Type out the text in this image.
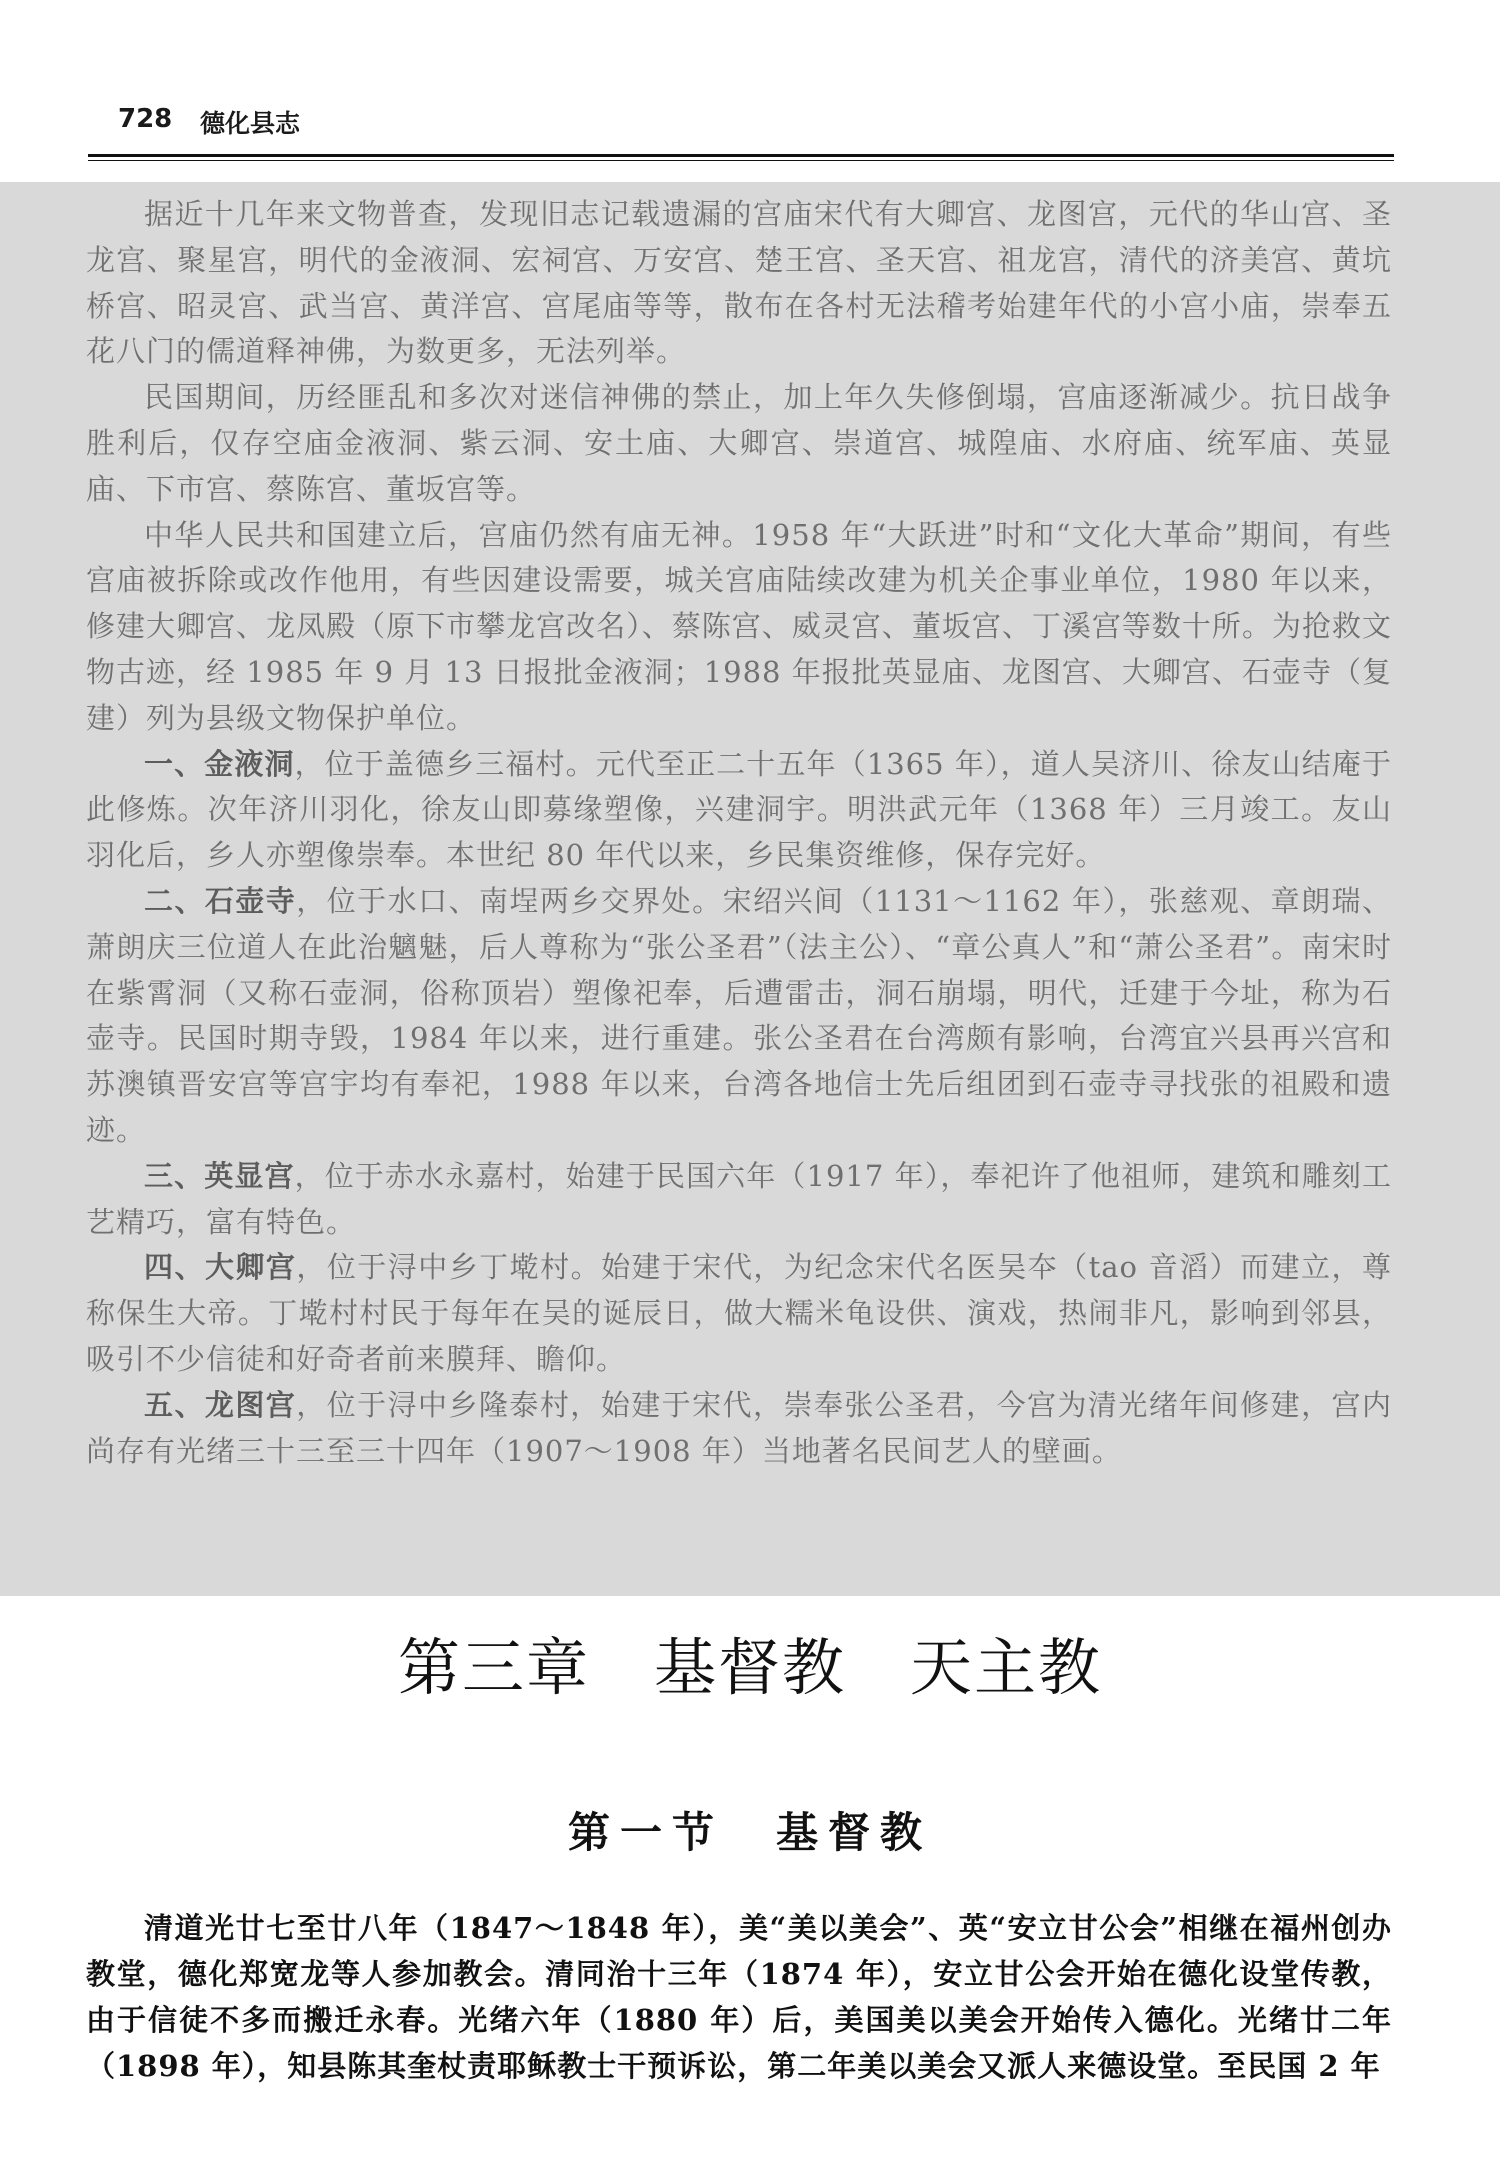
728 德化县志

据近十几年来文物普查，发现旧志记载遗漏的宫庙宋代有大卿宫、龙图宫，元代的华山宫、圣龙宫、聚星宫，明代的金液洞、宏祠宫、万安宫、楚王宫、圣天宫、祖龙宫，清代的济美宫、黄坑桥宫、昭灵宫、武当宫、黄洋宫、宫尾庙等等，散布在各村无法稽考始建年代的小宫小庙，崇奉五花八门的儒道释神佛，为数更多，无法列举。

民国期间，历经匪乱和多次对迷信神佛的禁止，加上年久失修倒塌，宫庙逐渐减少。抗日战争胜利后，仅存空庙金液洞、紫云洞、安土庙、大卿宫、崇道宫、城隍庙、水府庙、统军庙、英显庙、下市宫、蔡陈宫、董坂宫等。

中华人民共和国建立后，宫庙仍然有庙无神。1958 年“大跃进”时和“文化大革命”期间，有些宫庙被拆除或改作他用，有些因建设需要，城关宫庙陆续改建为机关企事业单位，1980 年以来，修建大卿宫、龙凤殿（原下市攀龙宫改名）、蔡陈宫、威灵宫、董坂宫、丁溪宫等数十所。为抢救文物古迹，经 1985 年 9 月 13 日报批金液洞；1988 年报批英显庙、龙图宫、大卿宫、石壶寺（复建）列为县级文物保护单位。

一、金液洞，位于盖德乡三福村。元代至正二十五年（1365 年），道人吴济川、徐友山结庵于此修炼。次年济川羽化，徐友山即募缘塑像，兴建洞宇。明洪武元年（1368 年）三月竣工。友山羽化后，乡人亦塑像崇奉。本世纪 80 年代以来，乡民集资维修，保存完好。

二、石壶寺，位于水口、南埕两乡交界处。宋绍兴间（1131～1162 年），张慈观、章朗瑞、萧朗庆三位道人在此治魑魅，后人尊称为“张公圣君”（法主公）、“章公真人”和“萧公圣君”。南宋时在紫霄洞（又称石壶洞，俗称顶岩）塑像祀奉，后遭雷击，洞石崩塌，明代，迁建于今址，称为石壶寺。民国时期寺毁，1984 年以来，进行重建。张公圣君在台湾颇有影响，台湾宜兴县再兴宫和苏澳镇晋安宫等宫宇均有奉祀，1988 年以来，台湾各地信士先后组团到石壶寺寻找张的祖殿和遗迹。

三、英显宫，位于赤水永嘉村，始建于民国六年（1917 年），奉祀许了他祖师，建筑和雕刻工艺精巧，富有特色。

四、大卿宫，位于浔中乡丁墘村。始建于宋代，为纪念宋代名医吴夲（tao 音滔）而建立，尊称保生大帝。丁墘村村民于每年在吴的诞辰日，做大糯米龟设供、演戏，热闹非凡，影响到邻县，吸引不少信徒和好奇者前来膜拜、瞻仰。

五、龙图宫，位于浔中乡隆泰村，始建于宋代，崇奉张公圣君，今宫为清光绪年间修建，宫内尚存有光绪三十三至三十四年（1907～1908 年）当地著名民间艺人的壁画。

第三章　基督教　天主教
第一节　基督教

清道光廿七至廿八年（1847～1848 年），美“美以美会”、英“安立甘公会”相继在福州创办教堂，德化郑宽龙等人参加教会。清同治十三年（1874 年），安立甘公会开始在德化设堂传教，由于信徒不多而搬迁永春。光绪六年（1880 年）后，美国美以美会开始传入德化。光绪廿二年（1898 年），知县陈其奎杖责耶稣教士干预诉讼，第二年美以美会又派人来德设堂。至民国 2 年
